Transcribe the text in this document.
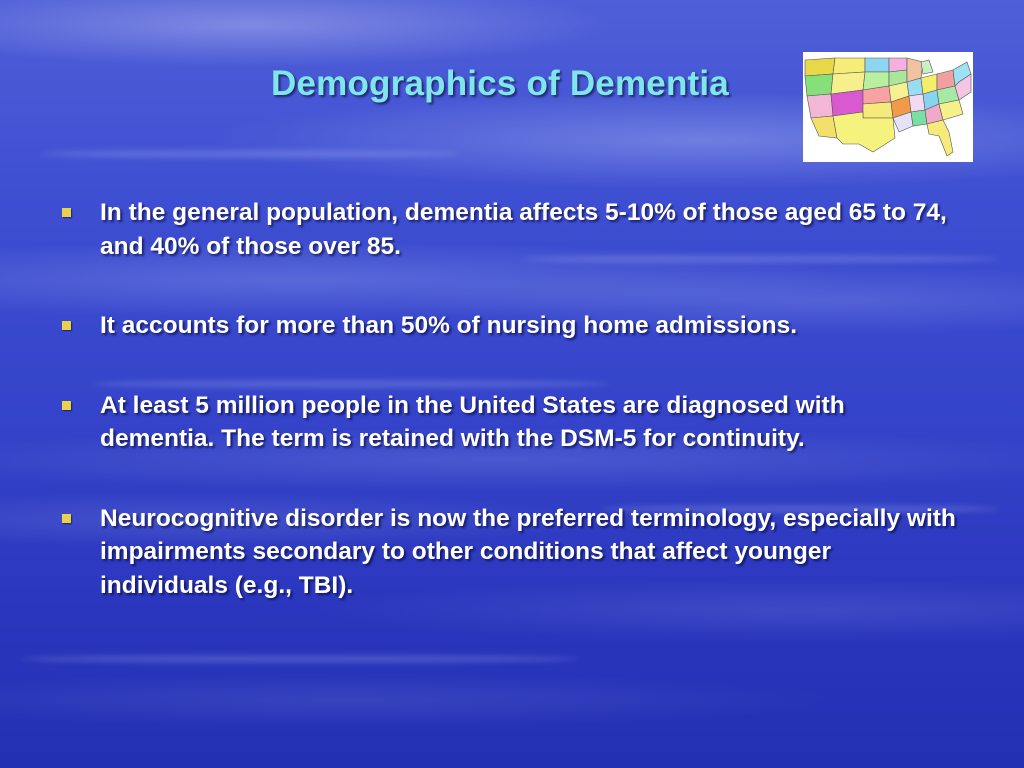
Demographics of Dementia
In the general population, dementia affects 5-10% of those aged 65 to 74, and 40% of those over 85.
It accounts for more than 50% of nursing home admissions.
At least 5 million people in the United States are diagnosed with dementia. The term is retained with the DSM-5 for continuity.
Neurocognitive disorder is now the preferred terminology, especially with impairments secondary to other conditions that affect younger individuals (e.g., TBI).
